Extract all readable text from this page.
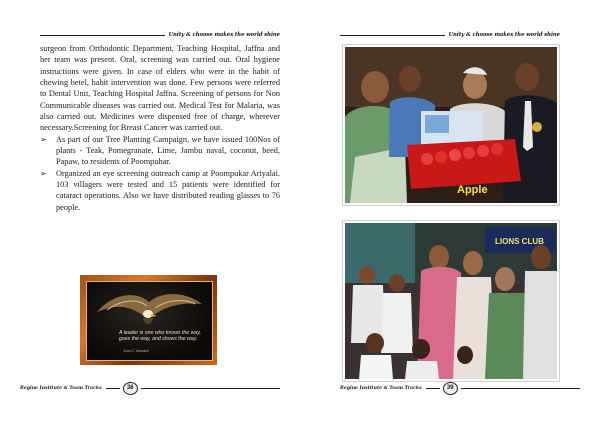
Unity & choose makes the world shine

surgeon from Orthodontic Department, Teaching Hospital, Jaffna and her team was present. Oral, screening was carried out. Oral hygiene instructions were given. In case of elders who were in the habit of chewing betel, habit intervention was done. Few persons were referred to Dental Unit, Teaching Hospital Jaffna. Screening of persons for Non Communicable diseases was carried out. Medical Test for Malaria, was also carried out. Medicines were dispensed free of charge, wherever necessary.Screening for Breast Cancer was carried out.

➢ As part of our Tree Planting Campaign, we have issued 100Nos of plants - Teak, Pomegranate, Lime, Jambu naval, coconut, beed, Papaw, to residents of Poompuhar.
➢ Organized an eye screening outreach camp at Poompukar Ariyalai. 103 villagers were tested and 15 patients were identified for cataract operations. Also we have distributed reading glasses to 76 people.
A leader is one who knows the way, goes the way, and shows the way.
John C. Maxwell
Regine Institute & Team Tracks	38
Unity & choose makes the world shine
Apple
LIONS CLUB
Regine Institute & Team Tracks	39
